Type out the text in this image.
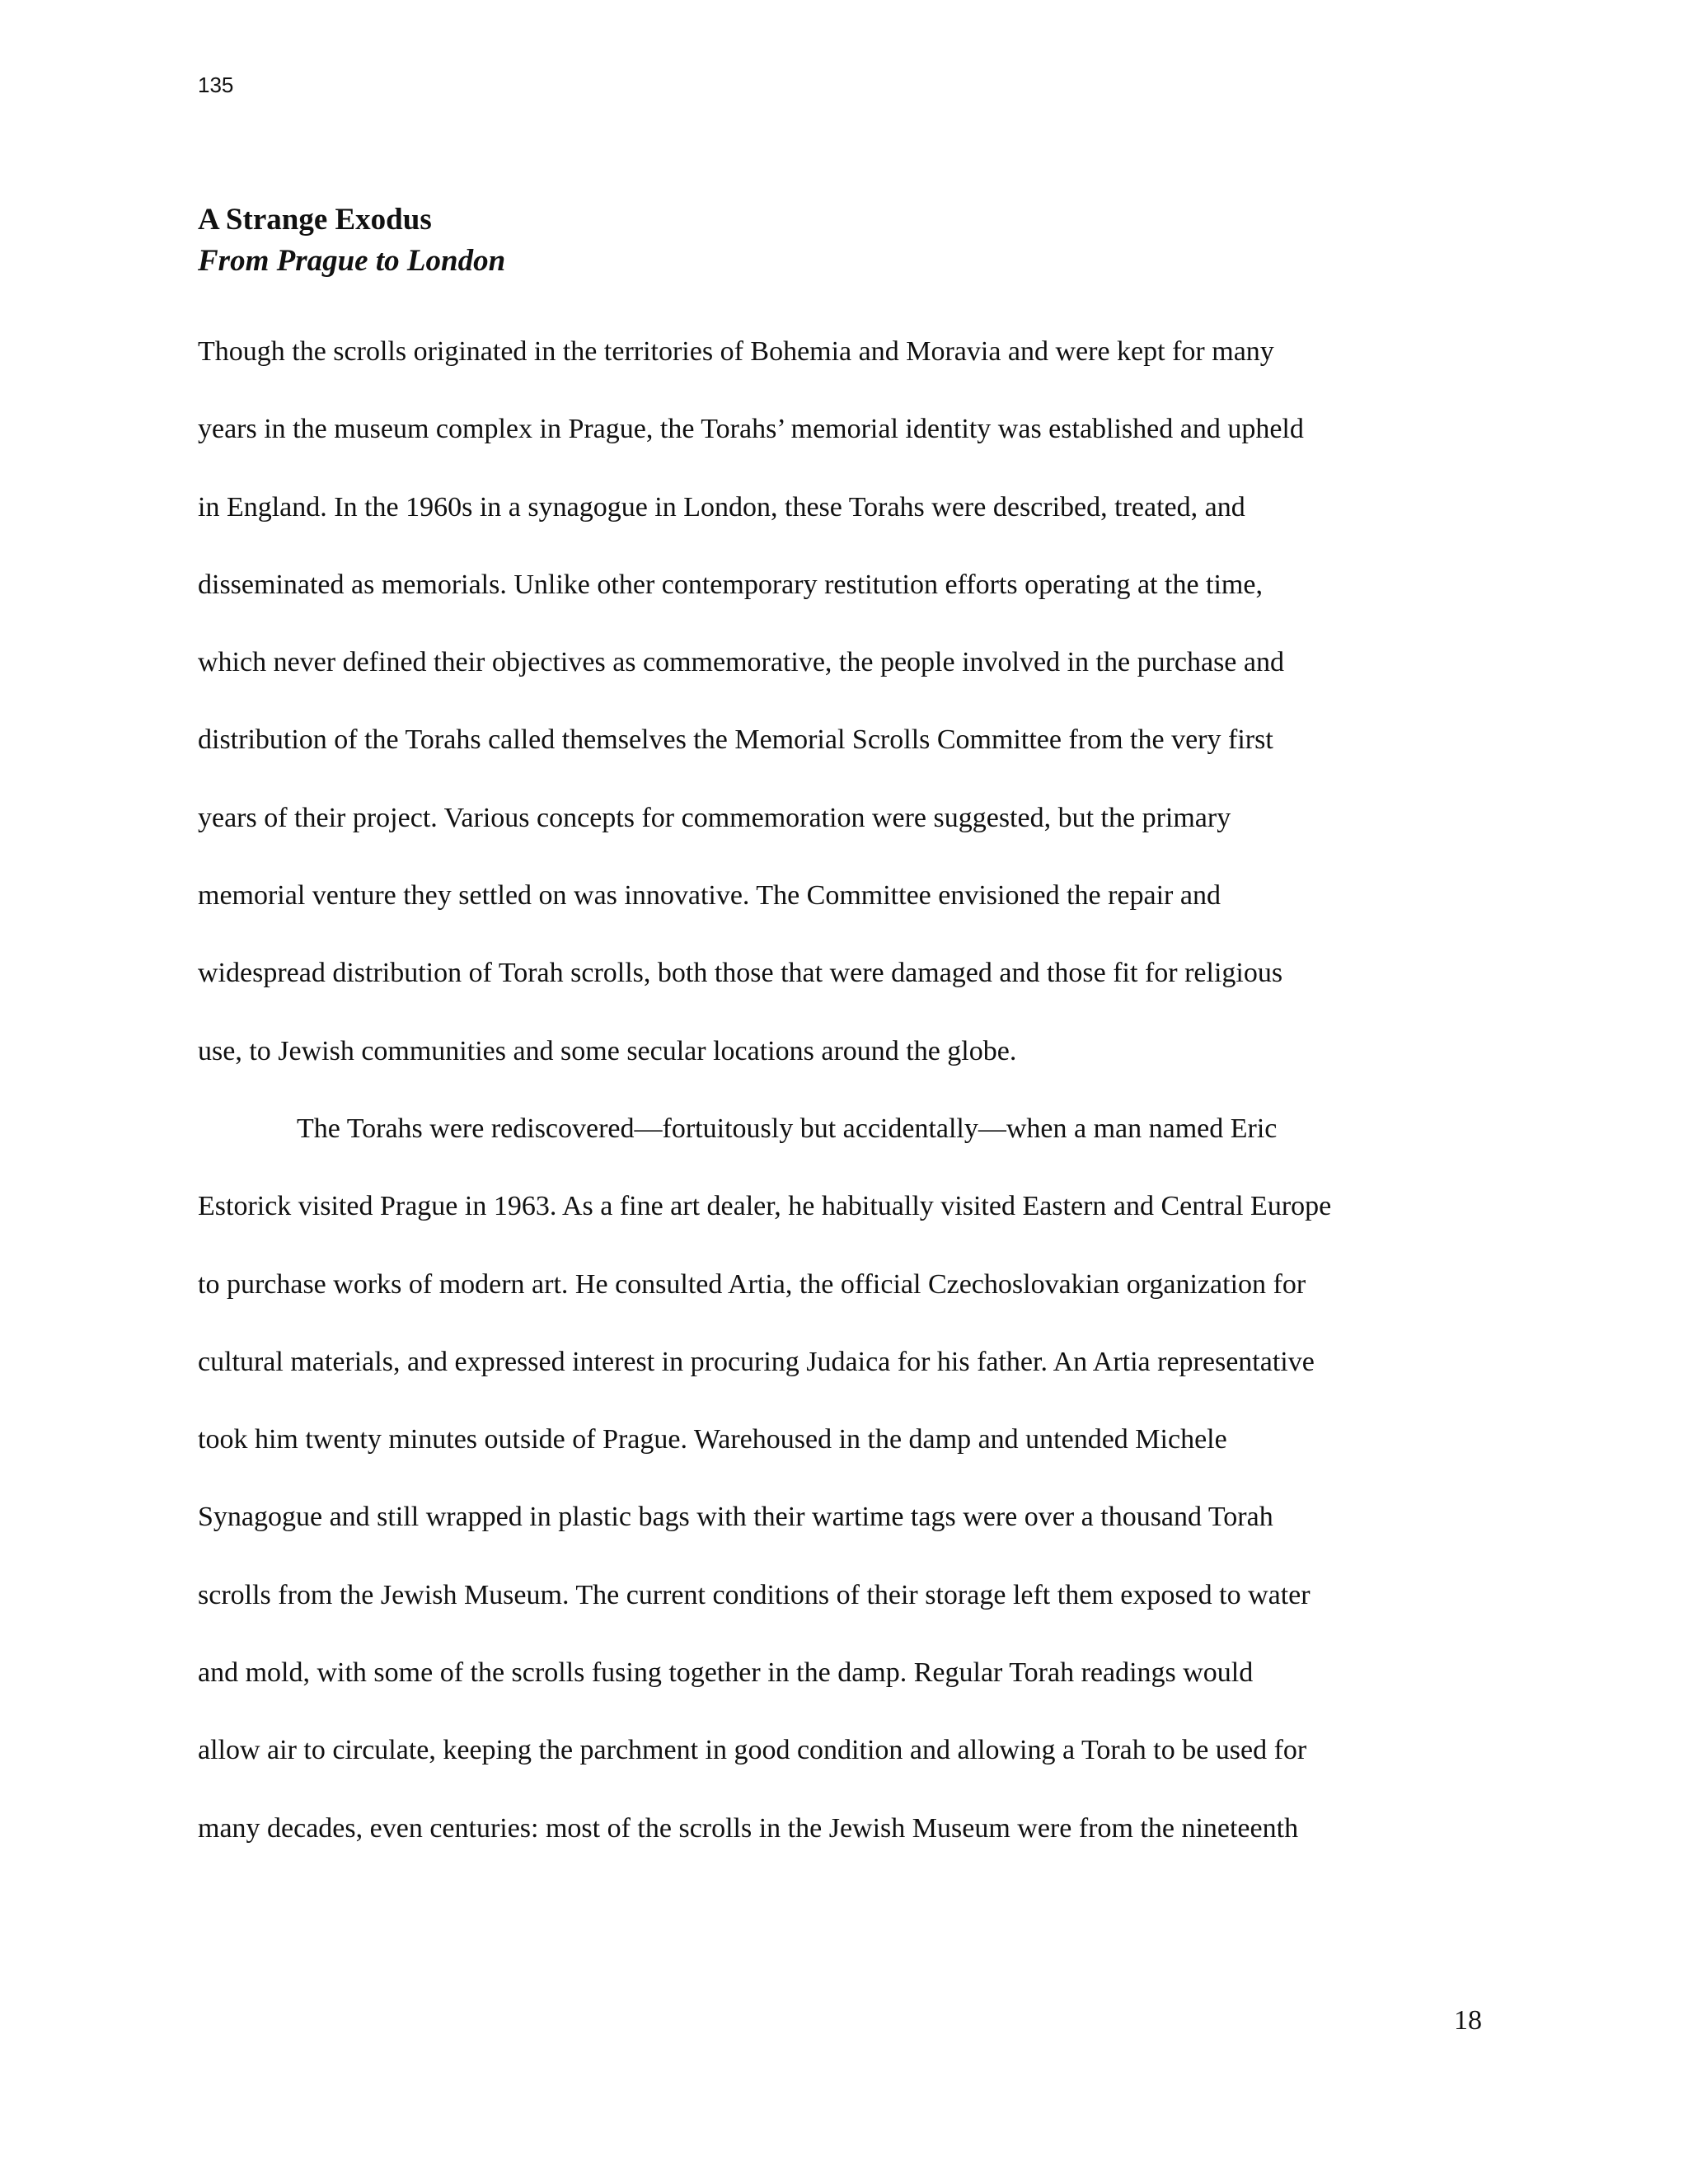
135
A Strange Exodus
From Prague to London
Though the scrolls originated in the territories of Bohemia and Moravia and were kept for many
years in the museum complex in Prague, the Torahs’ memorial identity was established and upheld
in England. In the 1960s in a synagogue in London, these Torahs were described, treated, and
disseminated as memorials. Unlike other contemporary restitution efforts operating at the time,
which never defined their objectives as commemorative, the people involved in the purchase and
distribution of the Torahs called themselves the Memorial Scrolls Committee from the very first
years of their project. Various concepts for commemoration were suggested, but the primary
memorial venture they settled on was innovative. The Committee envisioned the repair and
widespread distribution of Torah scrolls, both those that were damaged and those fit for religious
use, to Jewish communities and some secular locations around the globe.
The Torahs were rediscovered—fortuitously but accidentally—when a man named Eric
Estorick visited Prague in 1963. As a fine art dealer, he habitually visited Eastern and Central Europe
to purchase works of modern art. He consulted Artia, the official Czechoslovakian organization for
cultural materials, and expressed interest in procuring Judaica for his father. An Artia representative
took him twenty minutes outside of Prague. Warehoused in the damp and untended Michele
Synagogue and still wrapped in plastic bags with their wartime tags were over a thousand Torah
scrolls from the Jewish Museum. The current conditions of their storage left them exposed to water
and mold, with some of the scrolls fusing together in the damp. Regular Torah readings would
allow air to circulate, keeping the parchment in good condition and allowing a Torah to be used for
many decades, even centuries: most of the scrolls in the Jewish Museum were from the nineteenth
18
